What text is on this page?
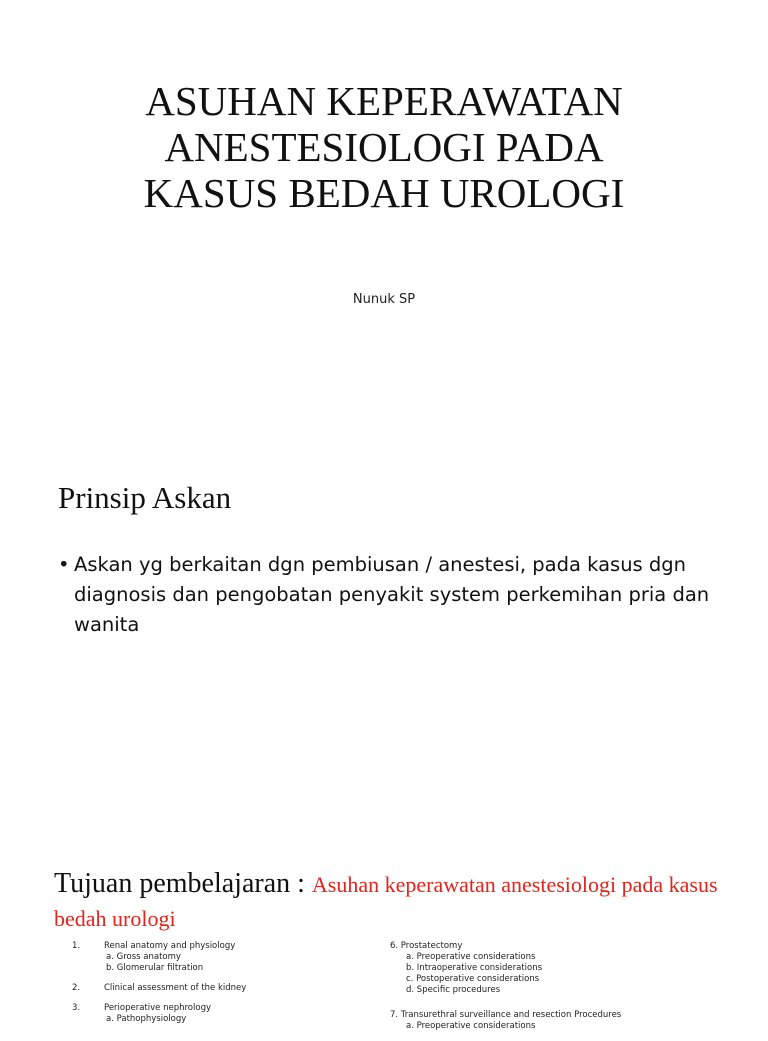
ASUHAN KEPERAWATAN
ANESTESIOLOGI PADA
KASUS BEDAH UROLOGI
Nunuk SP
Prinsip Askan
• Askan yg berkaitan dgn pembiusan / anestesi, pada kasus dgn diagnosis dan pengobatan penyakit system perkemihan pria dan wanita
Tujuan pembelajaran : Asuhan keperawatan anestesiologi pada kasus bedah urologi
1.	Renal anatomy and physiology
a. Gross anatomy
b. Glomerular filtration
2.	Clinical assessment of the kidney
3.	Perioperative nephrology
a. Pathophysiology
6. Prostatectomy
a. Preoperative considerations
b. Intraoperative considerations
c. Postoperative considerations
d. Specific procedures
7. Transurethral surveillance and resection Procedures
a. Preoperative considerations
